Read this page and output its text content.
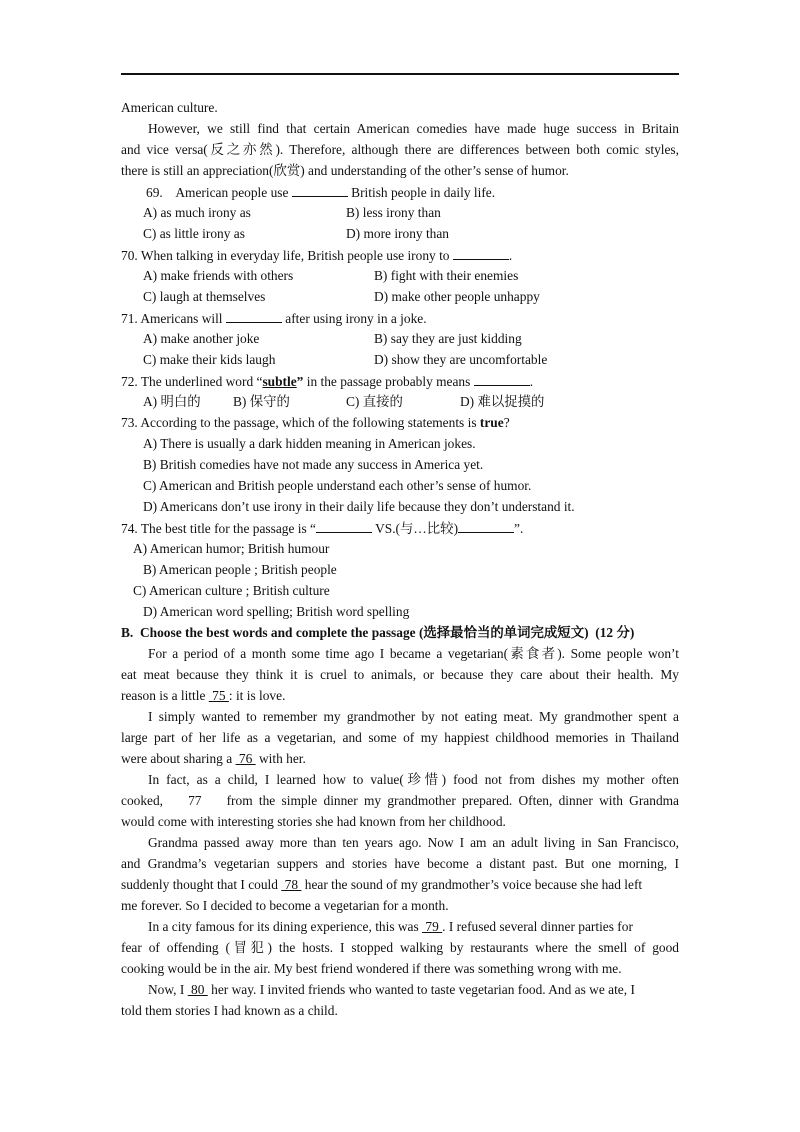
American culture.
However, we still find that certain American comedies have made huge success in Britain
and vice versa(反之亦然). Therefore, although there are differences between both comic styles,
there is still an appreciation(欣赏) and understanding of the other’s sense of humor.
69.    American people use	British people in daily life.
A) as much irony as	B) less irony than
C) as little irony as	D) more irony than
70. When talking in everyday life, British people use irony to	.
A) make friends with others	B) fight with their enemies
C) laugh at themselves	D) make other people unhappy
71. Americans will	after using irony in a joke.
A) make another joke	B) say they are just kidding
C) make their kids laugh	D) show they are uncomfortable
72. The underlined word “subtle” in the passage probably means	.
A) 明白的 B) 保守的	C) 直接的	D) 难以捉摸的
73. According to the passage, which of the following statements is true?
A) There is usually a dark hidden meaning in American jokes.
B) British comedies have not made any success in America yet.
C) American and British people understand each other’s sense of humor.
D) Americans don’t use irony in their daily life because they don’t understand it.
74. The best title for the passage is “	VS.(与…比较)	”.
A) American humor; British humour
B) American people ; British people
C) American culture ; British culture
D) American word spelling; British word spelling
B.  Choose the best words and complete the passage (选择最恰当的单词完成短文)  (12 分)
For a period of a month some time ago I became a vegetarian(素食者). Some people won’t
eat meat because they think it is cruel to animals, or because they care about their health. My
reason is a little  75 : it is love.
I simply wanted to remember my grandmother by not eating meat. My grandmother spent a
large part of her life as a vegetarian, and some of my happiest childhood memories in Thailand
were about sharing a  76  with her.
In fact, as a child, I learned how to value(珍惜) food not from dishes my mother often
cooked,    77    from the simple dinner my grandmother prepared. Often, dinner with Grandma
would come with interesting stories she had known from her childhood.
Grandma passed away more than ten years ago. Now I am an adult living in San Francisco,
and Grandma’s vegetarian suppers and stories have become a distant past. But one morning, I
suddenly thought that I could  78  hear the sound of my grandmother’s voice because she had left
me forever. So I decided to become a vegetarian for a month.
In a city famous for its dining experience, this was  79 . I refused several dinner parties for
fear of offending (冒犯) the hosts. I stopped walking by restaurants where the smell of good
cooking would be in the air. My best friend wondered if there was something wrong with me.
Now, I  80  her way. I invited friends who wanted to taste vegetarian food. And as we ate, I
told them stories I had known as a child.
